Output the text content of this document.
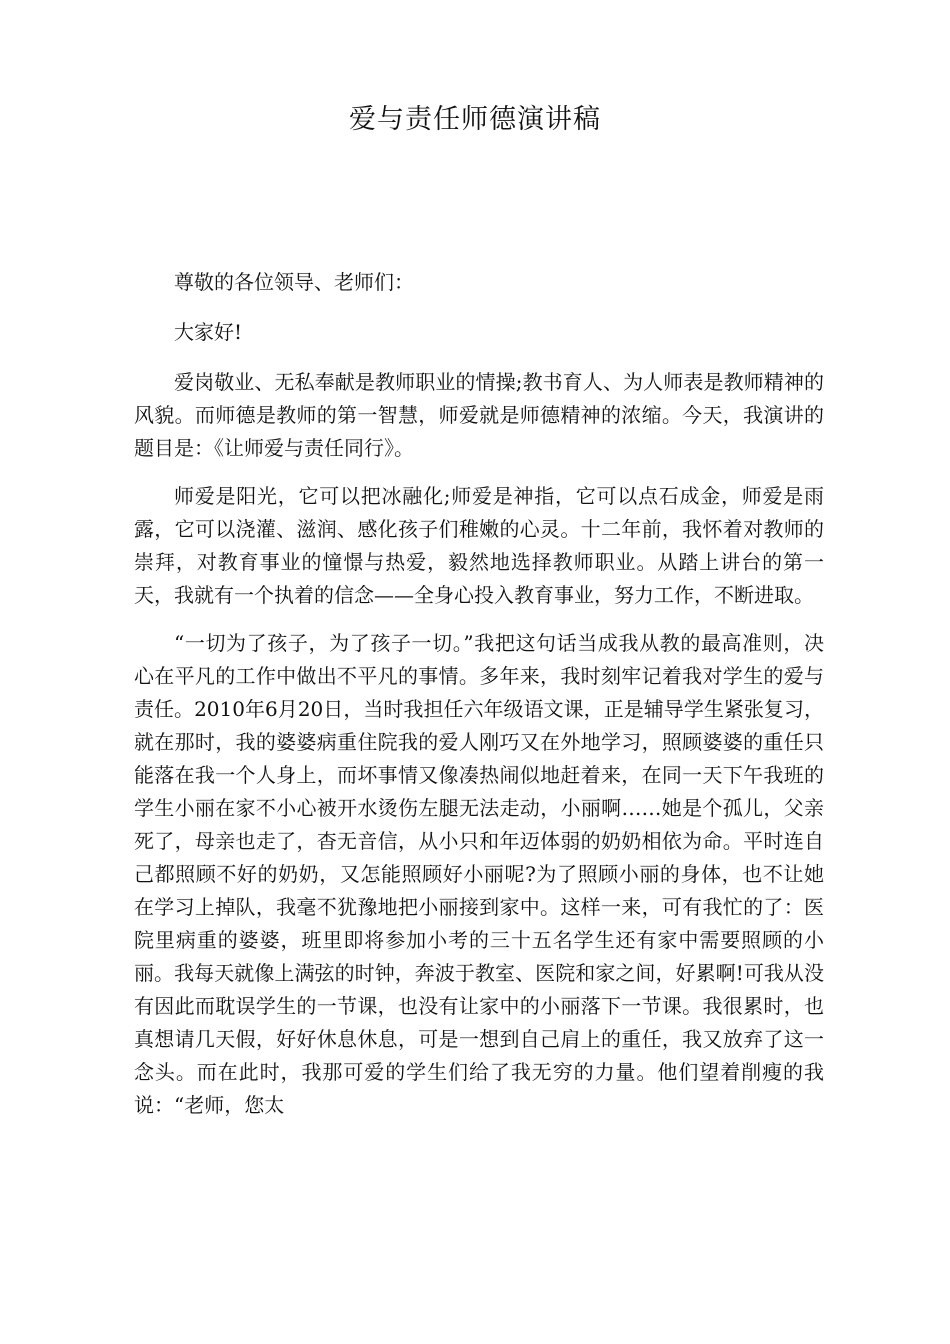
爱与责任师德演讲稿

尊敬的各位领导、老师们：

大家好!

爱岗敬业、无私奉献是教师职业的情操;教书育人、为人师表是教师精神的风貌。而师德是教师的第一智慧，师爱就是师德精神的浓缩。今天，我演讲的题目是：《让师爱与责任同行》。

师爱是阳光，它可以把冰融化;师爱是神指，它可以点石成金，师爱是雨露，它可以浇灌、滋润、感化孩子们稚嫩的心灵。十二年前，我怀着对教师的崇拜，对教育事业的憧憬与热爱，毅然地选择教师职业。从踏上讲台的第一天，我就有一个执着的信念——全身心投入教育事业，努力工作，不断进取。

“一切为了孩子，为了孩子一切。”我把这句话当成我从教的最高准则，决心在平凡的工作中做出不平凡的事情。多年来，我时刻牢记着我对学生的爱与责任。2010年6月20日，当时我担任六年级语文课，正是辅导学生紧张复习，就在那时，我的婆婆病重住院我的爱人刚巧又在外地学习，照顾婆婆的重任只能落在我一个人身上，而坏事情又像凑热闹似地赶着来，在同一天下午我班的学生小丽在家不小心被开水烫伤左腿无法走动，小丽啊……她是个孤儿，父亲死了，母亲也走了，杳无音信，从小只和年迈体弱的奶奶相依为命。平时连自己都照顾不好的奶奶，又怎能照顾好小丽呢?为了照顾小丽的身体，也不让她在学习上掉队，我毫不犹豫地把小丽接到家中。这样一来，可有我忙的了：医院里病重的婆婆，班里即将参加小考的三十五名学生还有家中需要照顾的小丽。我每天就像上满弦的时钟，奔波于教室、医院和家之间，好累啊!可我从没有因此而耽误学生的一节课，也没有让家中的小丽落下一节课。我很累时，也真想请几天假，好好休息休息，可是一想到自己肩上的重任，我又放弃了这一念头。而在此时，我那可爱的学生们给了我无穷的力量。他们望着削瘦的我说：“老师，您太
